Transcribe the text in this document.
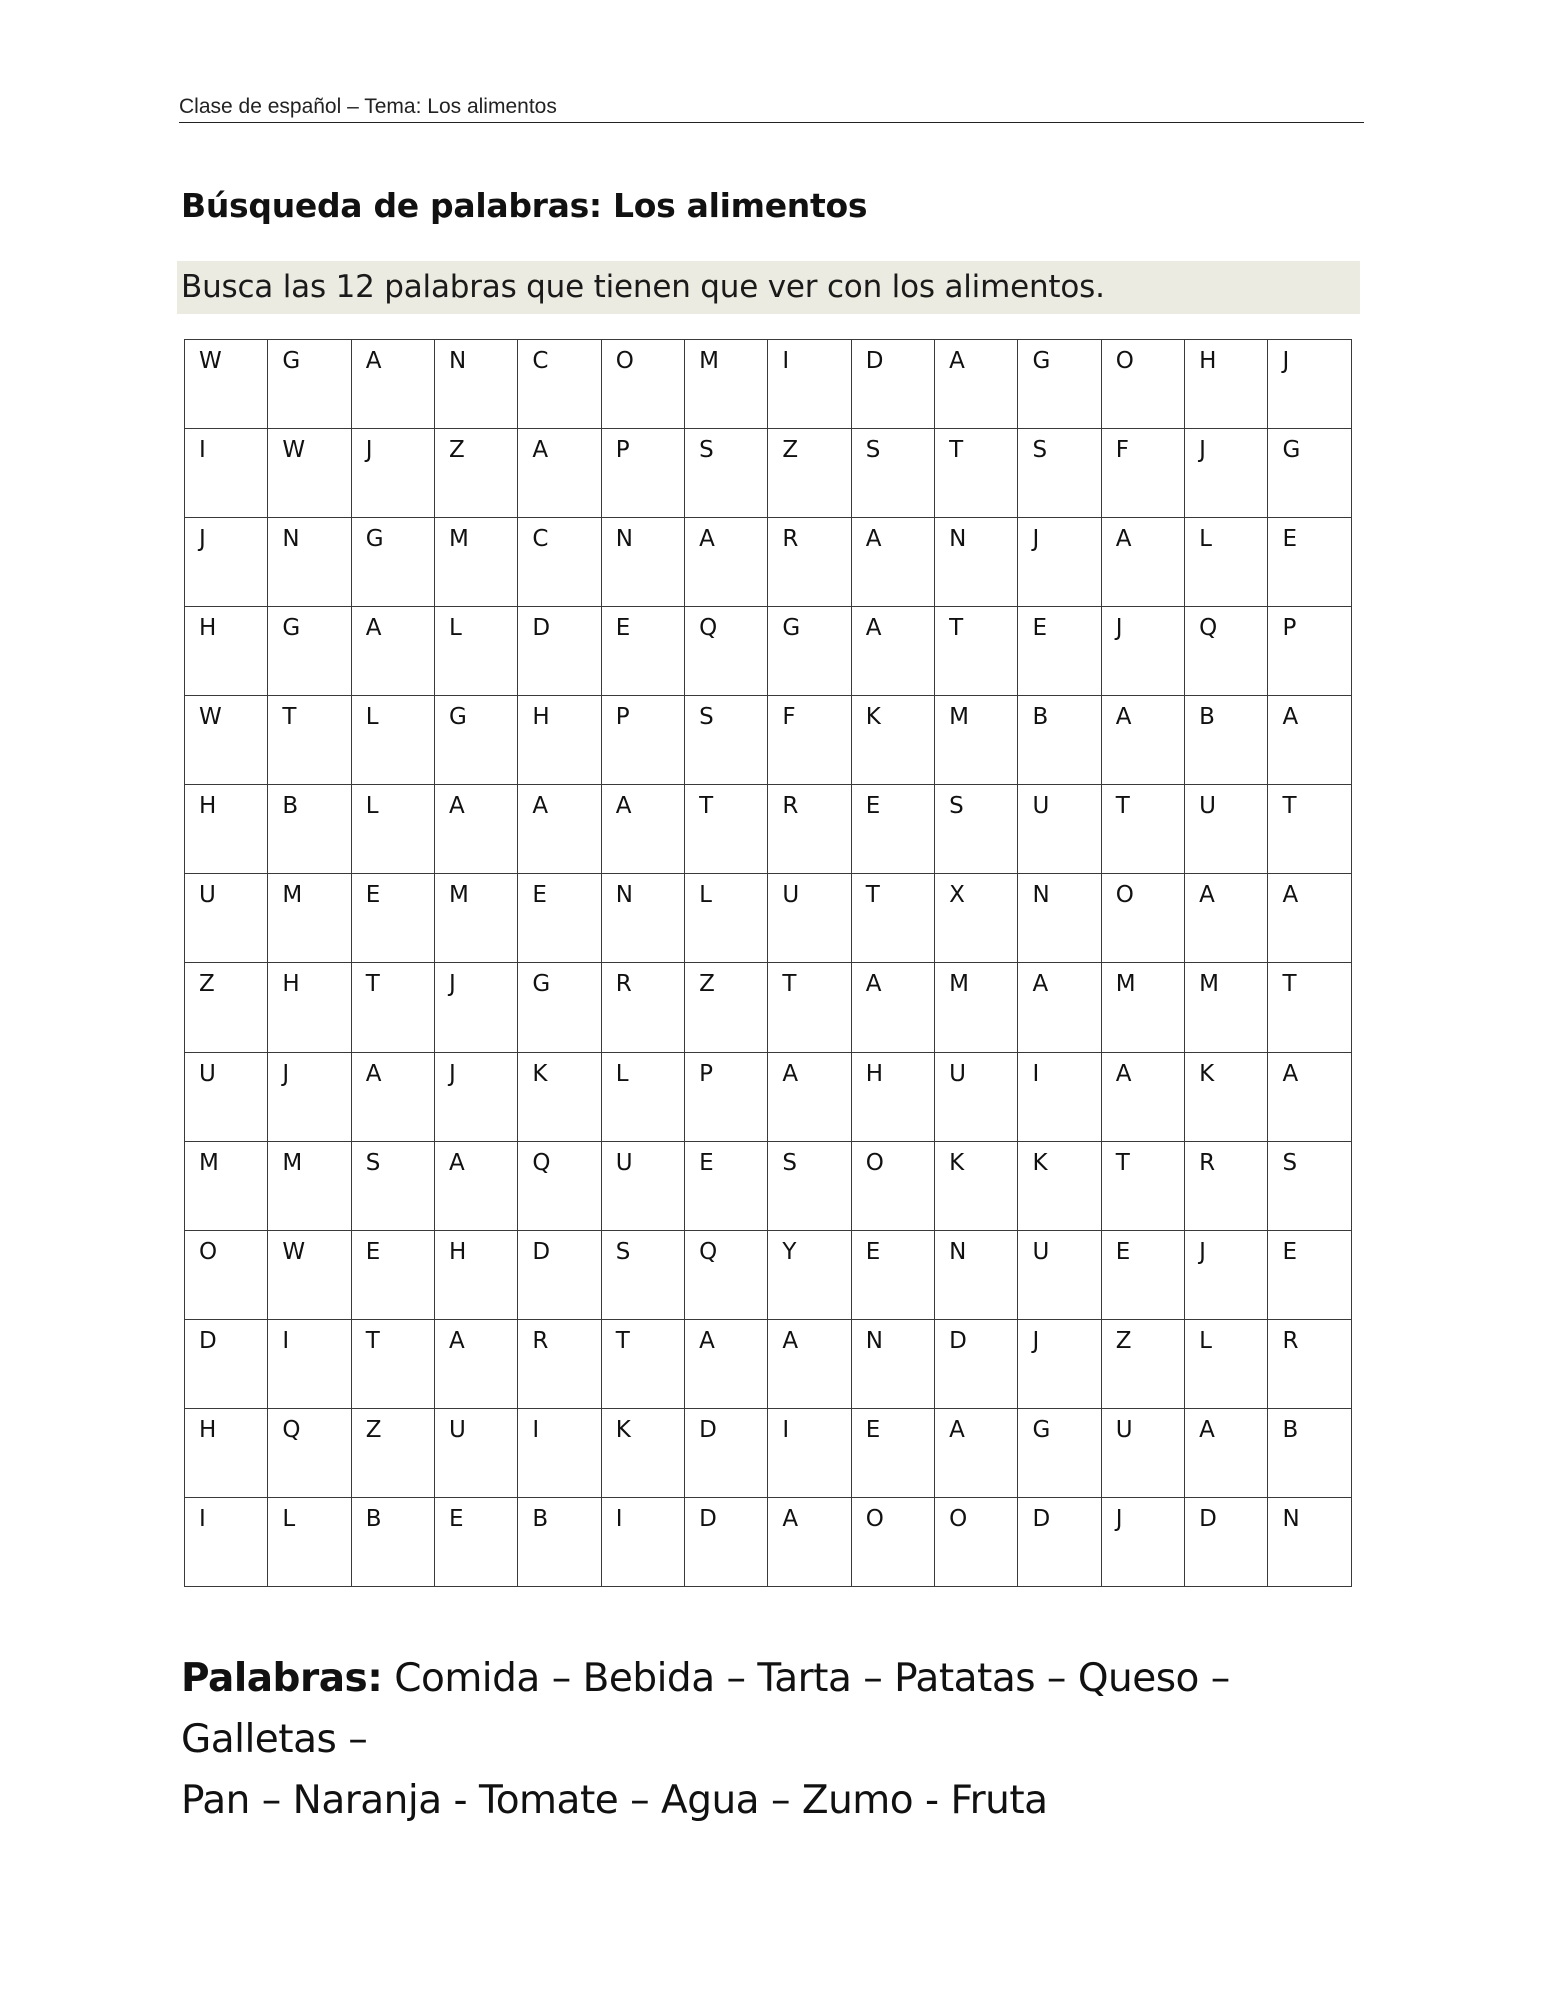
Clase de español – Tema: Los alimentos
Búsqueda de palabras: Los alimentos
Busca las 12 palabras que tienen que ver con los alimentos.
W	G	A	N	C	O	M	I	D	A	G	O	H	J
I	W	J	Z	A	P	S	Z	S	T	S	F	J	G
J	N	G	M	C	N	A	R	A	N	J	A	L	E
H	G	A	L	D	E	Q	G	A	T	E	J	Q	P
W	T	L	G	H	P	S	F	K	M	B	A	B	A
H	B	L	A	A	A	T	R	E	S	U	T	U	T
U	M	E	M	E	N	L	U	T	X	N	O	A	A
Z	H	T	J	G	R	Z	T	A	M	A	M	M	T
U	J	A	J	K	L	P	A	H	U	I	A	K	A
M	M	S	A	Q	U	E	S	O	K	K	T	R	S
O	W	E	H	D	S	Q	Y	E	N	U	E	J	E
D	I	T	A	R	T	A	A	N	D	J	Z	L	R
H	Q	Z	U	I	K	D	I	E	A	G	U	A	B
I	L	B	E	B	I	D	A	O	O	D	J	D	N
Palabras: Comida – Bebida – Tarta – Patatas – Queso – Galletas –
Pan – Naranja - Tomate – Agua – Zumo - Fruta
